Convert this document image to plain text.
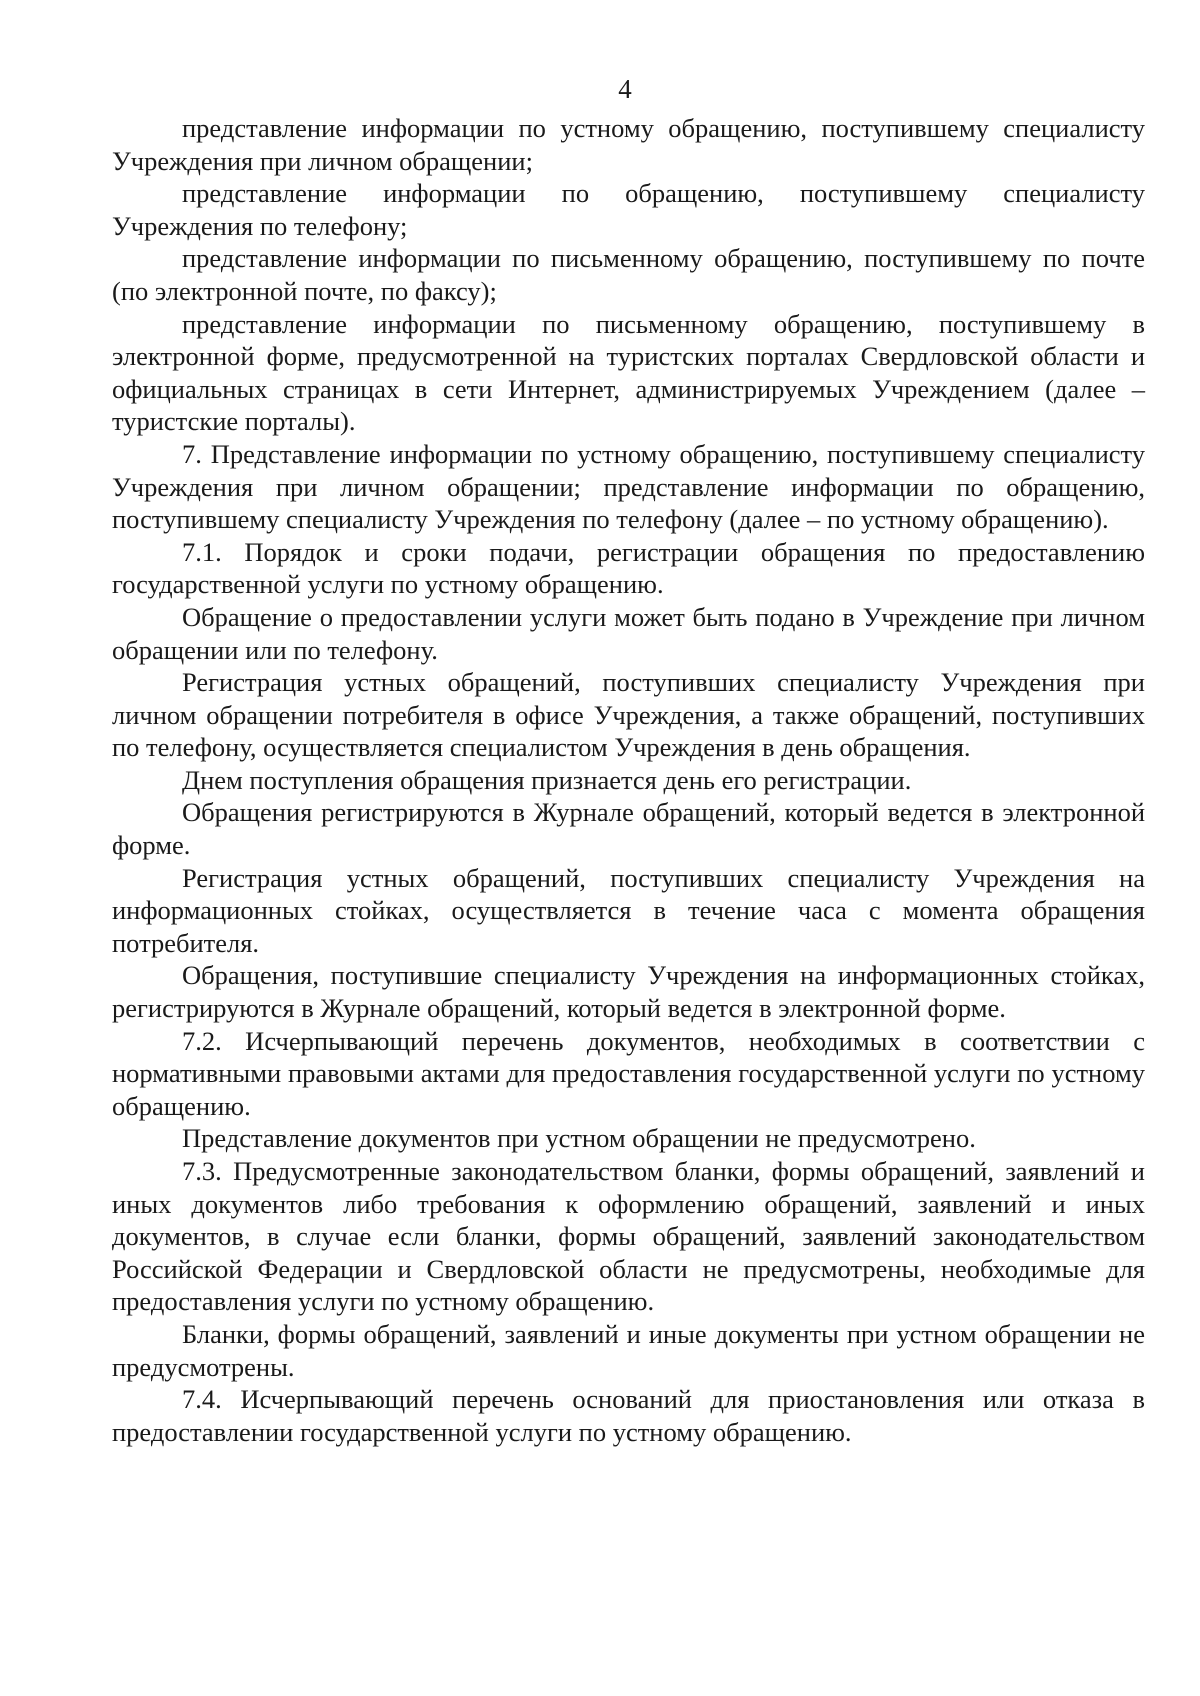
4

представление информации по устному обращению, поступившему специалисту Учреждения при личном обращении;

представление информации по обращению, поступившему специалисту Учреждения по телефону;

представление информации по письменному обращению, поступившему по почте (по электронной почте, по факсу);

представление информации по письменному обращению, поступившему в электронной форме, предусмотренной на туристских порталах Свердловской области и официальных страницах в сети Интернет, администрируемых Учреждением (далее – туристские порталы).

7. Представление информации по устному обращению, поступившему специалисту Учреждения при личном обращении; представление информации по обращению, поступившему специалисту Учреждения по телефону (далее – по устному обращению).

7.1. Порядок и сроки подачи, регистрации обращения по предоставлению государственной услуги по устному обращению.

Обращение о предоставлении услуги может быть подано в Учреждение при личном обращении или по телефону.

Регистрация устных обращений, поступивших специалисту Учреждения при личном обращении потребителя в офисе Учреждения, а также обращений, поступивших по телефону, осуществляется специалистом Учреждения в день обращения.

Днем поступления обращения признается день его регистрации.

Обращения регистрируются в Журнале обращений, который ведется в электронной форме.

Регистрация устных обращений, поступивших специалисту Учреждения на информационных стойках, осуществляется в течение часа с момента обращения потребителя.

Обращения, поступившие специалисту Учреждения на информационных стойках, регистрируются в Журнале обращений, который ведется в электронной форме.

7.2. Исчерпывающий перечень документов, необходимых в соответствии с нормативными правовыми актами для предоставления государственной услуги по устному обращению.

Представление документов при устном обращении не предусмотрено.

7.3. Предусмотренные законодательством бланки, формы обращений, заявлений и иных документов либо требования к оформлению обращений, заявлений и иных документов, в случае если бланки, формы обращений, заявлений законодательством Российской Федерации и Свердловской области не предусмотрены, необходимые для предоставления услуги по устному обращению.

Бланки, формы обращений, заявлений и иные документы при устном обращении не предусмотрены.

7.4. Исчерпывающий перечень оснований для приостановления или отказа в предоставлении государственной услуги по устному обращению.
